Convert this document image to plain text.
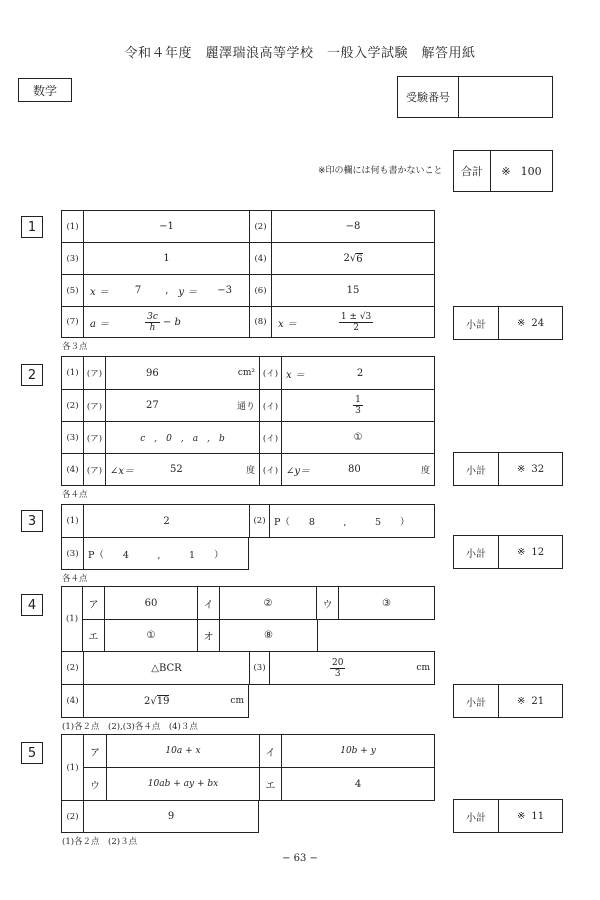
令和４年度　麗澤瑞浪高等学校　一般入学試験　解答用紙
数学	受験番号
※印の欄には何も書かないこと	合計	※ 100
1	(1)	−1	(2)	−8
(3)	1	(4)	2 √ 6
(5)	x ＝	7 , y ＝ −3	(6)	15
(7)	a ＝	$\frac{3c}{h} - b$	(8)	x ＝	$\frac{1 \pm √3}{2}$
各３点
小計	※ 24
2	(1) (ア)	96	cm² (イ) x ＝	2
(2) (ア)	27	通り (イ)	$\frac{1}{3}$
(3) (ア)	c　,　0　,　a　,　b	(イ)	①
(4) (ア) ∠x＝	52	度 (イ) ∠y＝	80	度
各４点
小計	※ 32
3	(1)	2	(2) P（　　8　　　,　　　5　　）
(3) P（　　4　　　,　　　1　　）
各４点
小計	※ 12
4
(1)
ア	60	イ	②	ウ	③
エ	①	オ	⑧
(2)	△BCR	(3)	$\frac{20}{3}$	cm
(4)	2 √ 19	cm
(1)各２点　(2),(3)各４点　(4)３点
小計	※ 21
5
(1)
ア	10a + x	イ	10b + y
ウ	10ab + ay + bx	エ	4
(2)	9
(1)各２点　(2)３点
小計	※ 11
− 63 −
